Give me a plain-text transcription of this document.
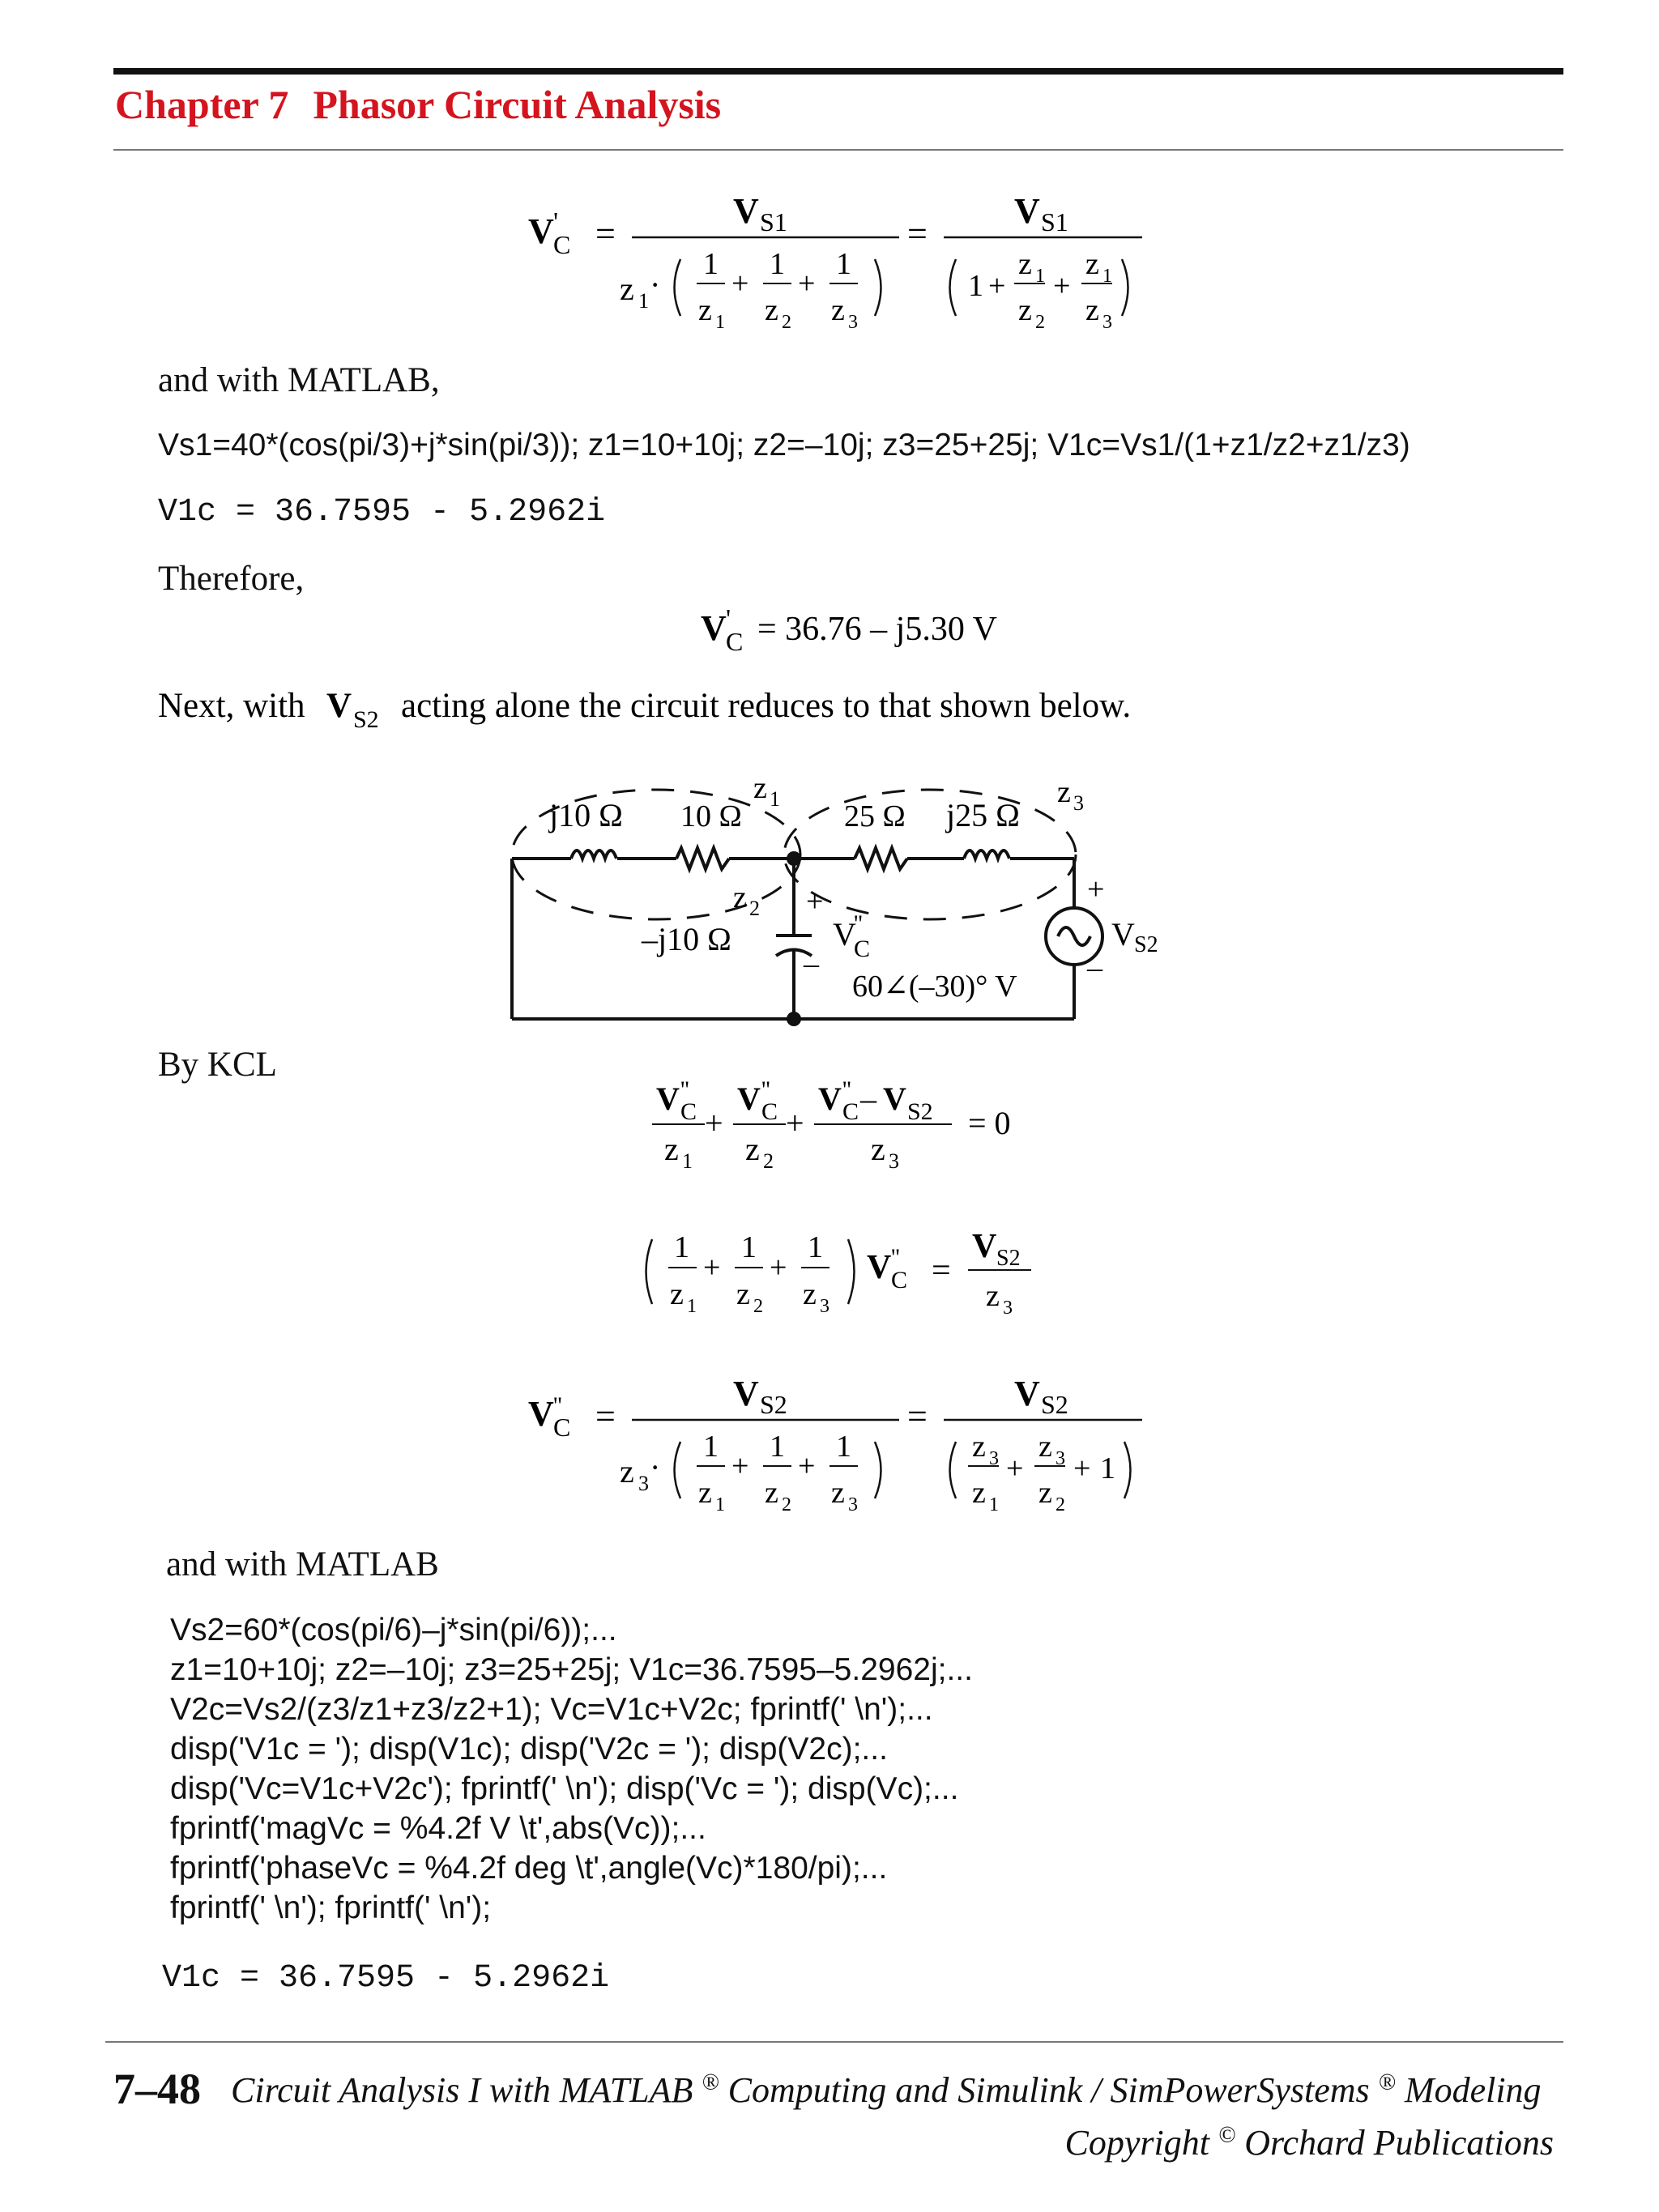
Chapter 7 Phasor Circuit Analysis
V '
C =
V S1
z 1 ·
1
z 1
+
1
z 2
+
1
z 3
=
V S1
1 +
z 1
z 2
+
z 1
z 3
and with MATLAB,
Vs1=40*(cos(pi/3)+j*sin(pi/3)); z1=10+10j; z2=–10j; z3=25+25j; V1c=Vs1/(1+z1/z2+z1/z3)
V1c = 36.7595 - 5.2962i
Therefore,
V '
C = 36.76 – j5.30 V
Next, with V S2 acting alone the circuit reduces to that shown below.
j10 Ω 10 Ω
z 1
25 Ω j25 Ω
z 3
z 2
–j10 Ω
+
–
V
''
C
60∠(–30)° V
+
–
V S2
By KCL
V ''
C
z 1
+
V ''
C
z 2
+
V ''
C – V S2
z 3
= 0
1
z 1
+
1
z 2
+
1
z 3
V ''
C =
V S2
z 3
V ''
C =
V S2
z 3 ·
1
z 1
+
1
z 2
+
1
z 3
=
V S2
z 3
z 1
+
z 3
z 2
+ 1
and with MATLAB
Vs2=60*(cos(pi/6)–j*sin(pi/6));...
z1=10+10j; z2=–10j; z3=25+25j; V1c=36.7595–5.2962j;...
V2c=Vs2/(z3/z1+z3/z2+1); Vc=V1c+V2c; fprintf(' \n');...
disp('V1c = '); disp(V1c); disp('V2c = '); disp(V2c);...
disp('Vc=V1c+V2c'); fprintf(' \n'); disp('Vc = '); disp(Vc);...
fprintf('magVc = %4.2f V \t',abs(Vc));...
fprintf('phaseVc = %4.2f deg \t',angle(Vc)*180/pi);...
fprintf(' \n'); fprintf(' \n');
V1c = 36.7595 - 5.2962i
7–48 Circuit Analysis I with MATLAB ® Computing and Simulink / SimPowerSystems ® Modeling
Copyright © Orchard Publications
